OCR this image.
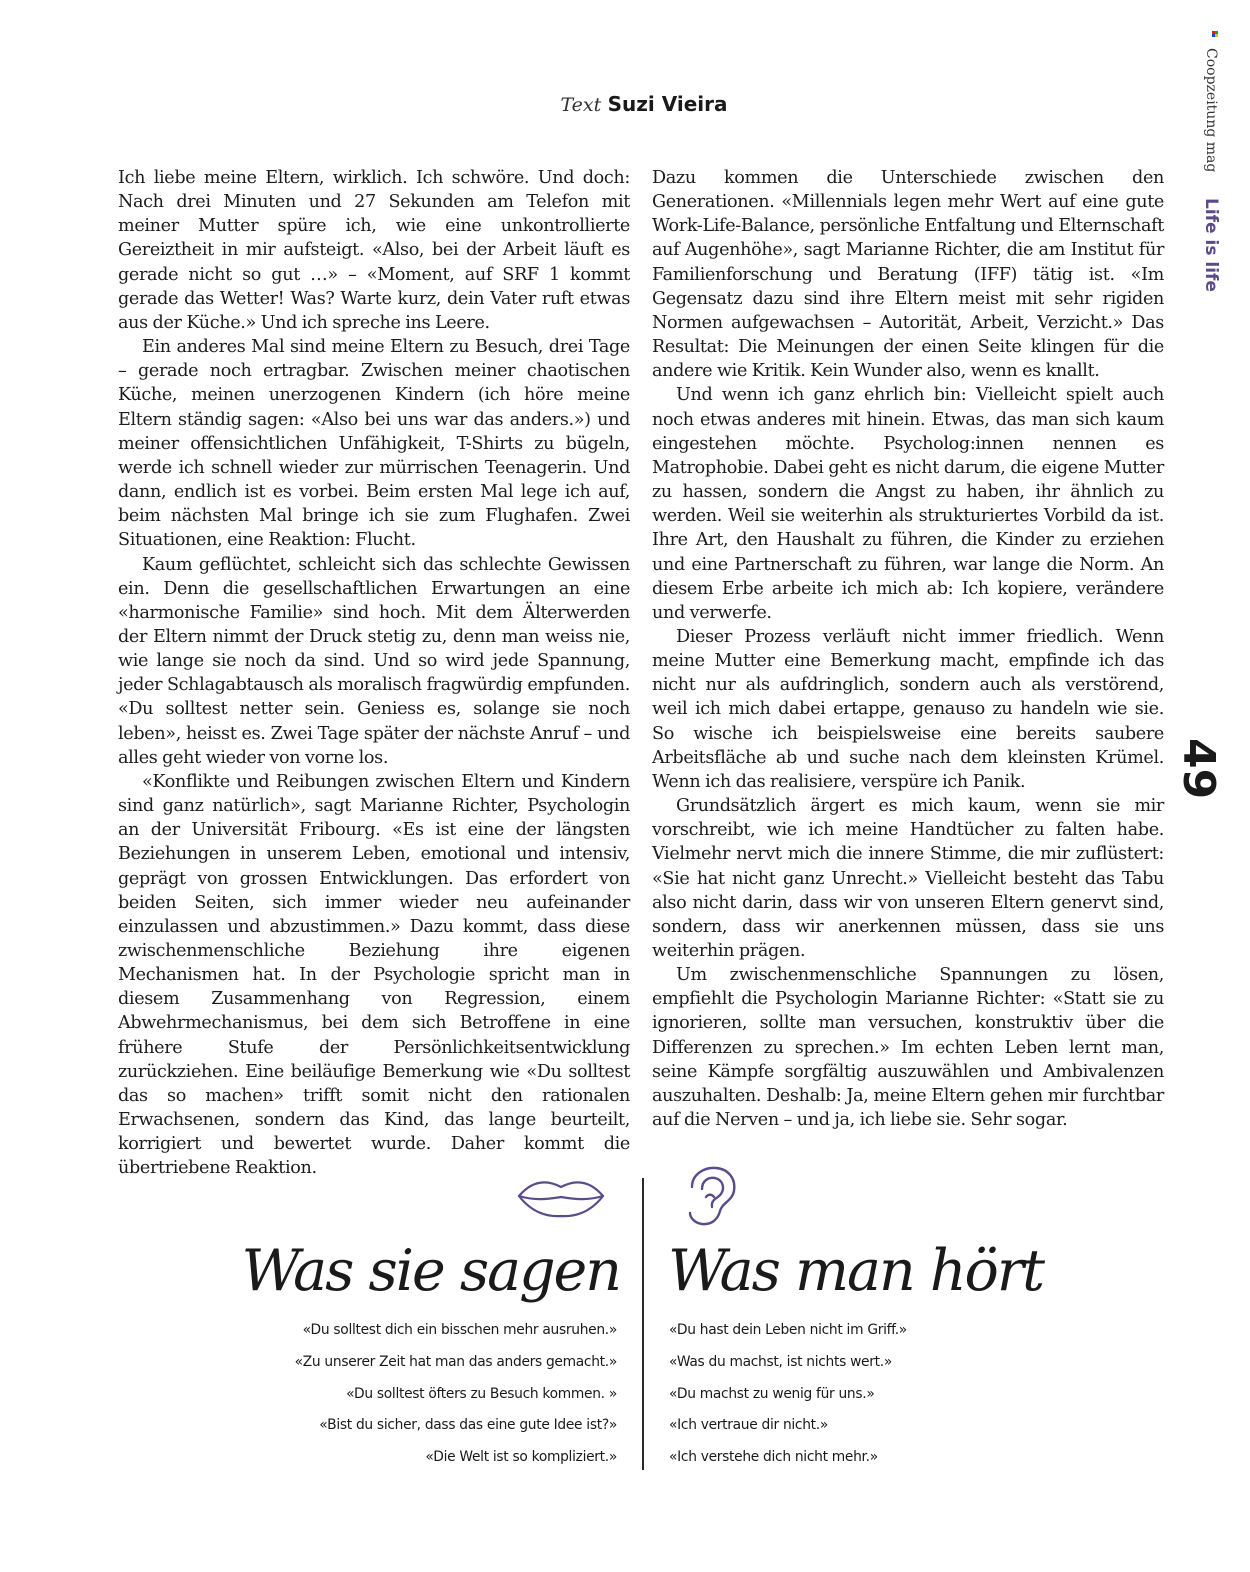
Coopzeitung mag
Life is life
49
Text Suzi Vieira

Ich liebe meine Eltern, wirklich. Ich schwöre. Und doch: Nach drei Minuten und 27 Sekunden am Telefon mit meiner Mutter spüre ich, wie eine unkontrollierte Gereiztheit in mir aufsteigt. «Also, bei der Arbeit läuft es gerade nicht so gut …» – «Moment, auf SRF 1 kommt gerade das Wetter! Was? Warte kurz, dein Vater ruft etwas aus der Küche.» Und ich spreche ins Leere.

Ein anderes Mal sind meine Eltern zu Besuch, drei Tage – gerade noch ertragbar. Zwischen meiner chaotischen Küche, meinen unerzogenen Kindern (ich höre meine Eltern ständig sagen: «Also bei uns war das anders.») und meiner offensichtlichen Unfähigkeit, T-Shirts zu bügeln, werde ich schnell wieder zur mürrischen Teenagerin. Und dann, endlich ist es vorbei. Beim ersten Mal lege ich auf, beim nächsten Mal bringe ich sie zum Flughafen. Zwei Situationen, eine Reaktion: Flucht.

Kaum geflüchtet, schleicht sich das schlechte Gewissen ein. Denn die gesellschaftlichen Erwartungen an eine «harmonische Familie» sind hoch. Mit dem Älterwerden der Eltern nimmt der Druck stetig zu, denn man weiss nie, wie lange sie noch da sind. Und so wird jede Spannung, jeder Schlagabtausch als moralisch fragwürdig empfunden. «Du solltest netter sein. Geniess es, solange sie noch leben», heisst es. Zwei Tage später der nächste Anruf – und alles geht wieder von vorne los.

«Konflikte und Reibungen zwischen Eltern und Kindern sind ganz natürlich», sagt Marianne Richter, Psychologin an der Universität Fribourg. «Es ist eine der längsten Beziehungen in unserem Leben, emotional und intensiv, geprägt von grossen Entwicklungen. Das erfordert von beiden Seiten, sich immer wieder neu aufeinander einzulassen und abzustimmen.» Dazu kommt, dass diese zwischenmenschliche Beziehung ihre eigenen Mechanismen hat. In der Psychologie spricht man in diesem Zusammenhang von Regression, einem Abwehrmechanismus, bei dem sich Betroffene in eine frühere Stufe der Persönlichkeitsentwicklung zurückziehen. Eine beiläufige Bemerkung wie «Du solltest das so machen» trifft somit nicht den rationalen Erwachsenen, sondern das Kind, das lange beurteilt, korrigiert und bewertet wurde. Daher kommt die übertriebene Reaktion.

Dazu kommen die Unterschiede zwischen den Generationen. «Millennials legen mehr Wert auf eine gute Work-Life-Balance, persönliche Entfaltung und Elternschaft auf Augenhöhe», sagt Marianne Richter, die am Institut für Familienforschung und Beratung (IFF) tätig ist. «Im Gegensatz dazu sind ihre Eltern meist mit sehr rigiden Normen aufgewachsen – Autorität, Arbeit, Verzicht.» Das Resultat: Die Meinungen der einen Seite klingen für die andere wie Kritik. Kein Wunder also, wenn es knallt.

Und wenn ich ganz ehrlich bin: Vielleicht spielt auch noch etwas anderes mit hinein. Etwas, das man sich kaum eingestehen möchte. Psycholog:innen nennen es Matrophobie. Dabei geht es nicht darum, die eigene Mutter zu hassen, sondern die Angst zu haben, ihr ähnlich zu werden. Weil sie weiterhin als strukturiertes Vorbild da ist. Ihre Art, den Haushalt zu führen, die Kinder zu erziehen und eine Partnerschaft zu führen, war lange die Norm. An diesem Erbe arbeite ich mich ab: Ich kopiere, verändere und verwerfe.

Dieser Prozess verläuft nicht immer friedlich. Wenn meine Mutter eine Bemerkung macht, empfinde ich das nicht nur als aufdringlich, sondern auch als verstörend, weil ich mich dabei ertappe, genauso zu handeln wie sie. So wische ich beispielsweise eine bereits saubere Arbeitsfläche ab und suche nach dem kleinsten Krümel. Wenn ich das realisiere, verspüre ich Panik.

Grundsätzlich ärgert es mich kaum, wenn sie mir vorschreibt, wie ich meine Handtücher zu falten habe. Vielmehr nervt mich die innere Stimme, die mir zuflüstert: «Sie hat nicht ganz Unrecht.» Vielleicht besteht das Tabu also nicht darin, dass wir von unseren Eltern genervt sind, sondern, dass wir anerkennen müssen, dass sie uns weiterhin prägen.

Um zwischenmenschliche Spannungen zu lösen, empfiehlt die Psychologin Marianne Richter: «Statt sie zu ignorieren, sollte man versuchen, konstruktiv über die Differenzen zu sprechen.» Im echten Leben lernt man, seine Kämpfe sorgfältig auszuwählen und Ambivalenzen auszuhalten. Deshalb: Ja, meine Eltern gehen mir furchtbar auf die Nerven – und ja, ich liebe sie. Sehr sogar.

Was sie sagen Was man hört
«Du solltest dich ein bisschen mehr ausruhen.»
«Zu unserer Zeit hat man das anders gemacht.»
«Du solltest öfters zu Besuch kommen. »
«Bist du sicher, dass das eine gute Idee ist?»
«Die Welt ist so kompliziert.»
«Du hast dein Leben nicht im Griff.»
«Was du machst, ist nichts wert.»
«Du machst zu wenig für uns.»
«Ich vertraue dir nicht.»
«Ich verstehe dich nicht mehr.»
